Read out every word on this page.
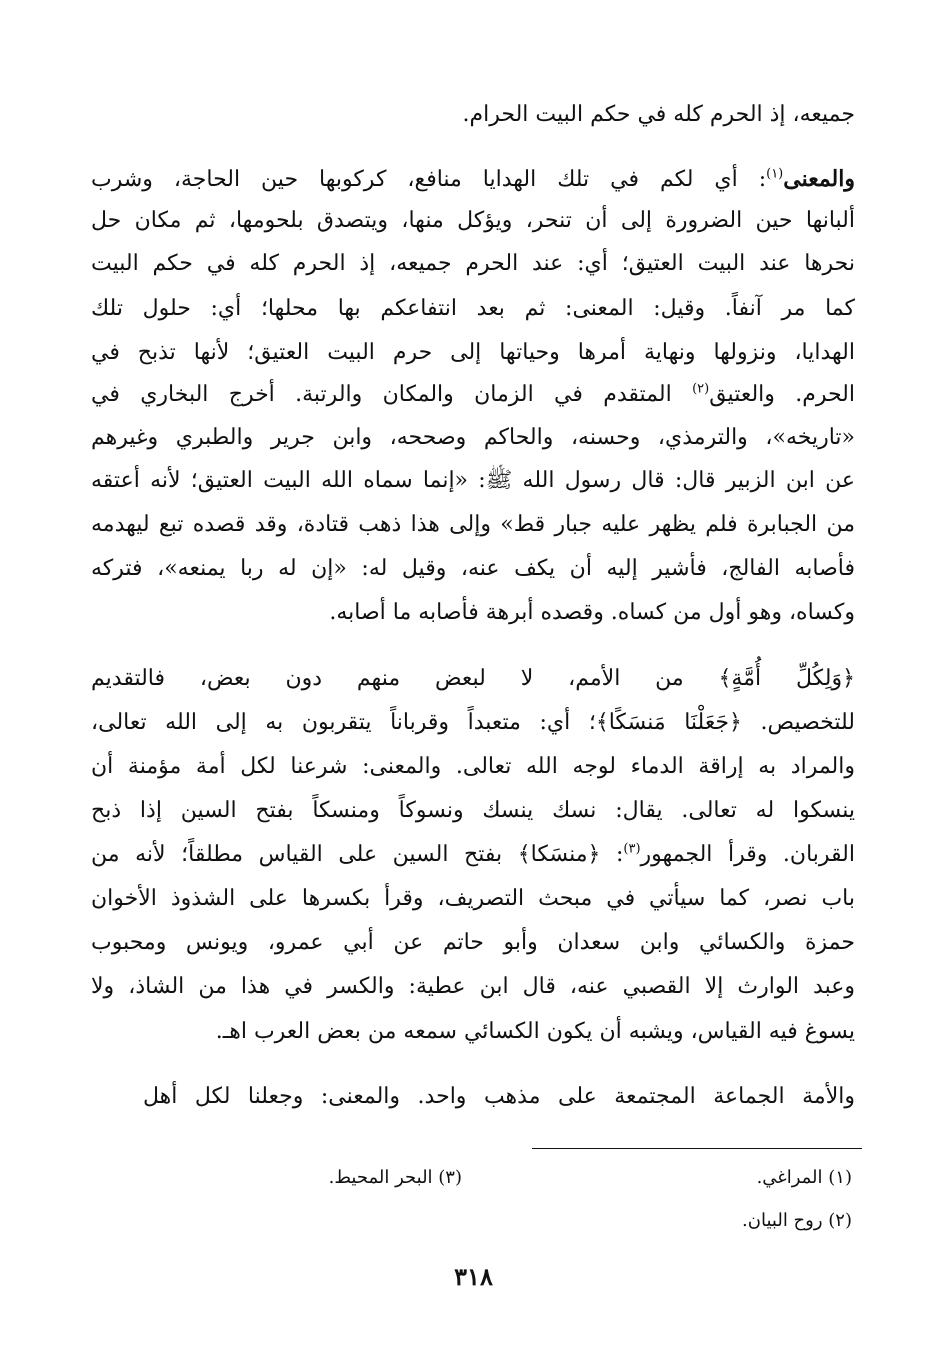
جميعه، إذ الحرم كله في حكم البيت الحرام.
والمعنى$^{(١)}$: أي لكم في تلك الهدايا منافع، كركوبها حين الحاجة، وشرب
ألبانها حين الضرورة إلى أن تنحر، ويؤكل منها، ويتصدق بلحومها، ثم مكان حل
نحرها عند البيت العتيق؛ أي: عند الحرم جميعه، إذ الحرم كله في حكم البيت
كما مر آنفاً. وقيل: المعنى: ثم بعد انتفاعكم بها محلها؛ أي: حلول تلك
الهدايا، ونزولها ونهاية أمرها وحياتها إلى حرم البيت العتيق؛ لأنها تذبح في
الحرم. والعتيق$^{(٢)}$ المتقدم في الزمان والمكان والرتبة. أخرج البخاري في
«تاريخه»، والترمذي، وحسنه، والحاكم وصححه، وابن جرير والطبري وغيرهم
عن ابن الزبير قال: قال رسول الله ﷺ: «إنما سماه الله البيت العتيق؛ لأنه أعتقه
من الجبابرة فلم يظهر عليه جبار قط» وإلى هذا ذهب قتادة، وقد قصده تبع ليهدمه
فأصابه الفالج، فأشير إليه أن يكف عنه، وقيل له: «إن له ربا يمنعه»، فتركه
وكساه، وهو أول من كساه. وقصده أبرهة فأصابه ما أصابه.
﴿وَلِكُلِّ أُمَّةٍ﴾ من الأمم، لا لبعض منهم دون بعض، فالتقديم
للتخصيص. ﴿جَعَلْنَا مَنسَكًا﴾؛ أي: متعبداً وقرباناً يتقربون به إلى الله تعالى،
والمراد به إراقة الدماء لوجه الله تعالى. والمعنى: شرعنا لكل أمة مؤمنة أن
ينسكوا له تعالى. يقال: نسك ينسك ونسوكاً ومنسكاً بفتح السين إذا ذبح
القربان. وقرأ الجمهور$^{(٣)}$: ﴿منسَكا﴾ بفتح السين على القياس مطلقاً؛ لأنه من
باب نصر، كما سيأتي في مبحث التصريف، وقرأ بكسرها على الشذوذ الأخوان
حمزة والكسائي وابن سعدان وأبو حاتم عن أبي عمرو، ويونس ومحبوب
وعبد الوارث إلا القصبي عنه، قال ابن عطية: والكسر في هذا من الشاذ، ولا
يسوغ فيه القياس، ويشبه أن يكون الكسائي سمعه من بعض العرب اهـ.
والأمة الجماعة المجتمعة على مذهب واحد. والمعنى: وجعلنا لكل أهل
(١) المراغي.
(٣) البحر المحيط.
(٢) روح البيان.
٣١٨
